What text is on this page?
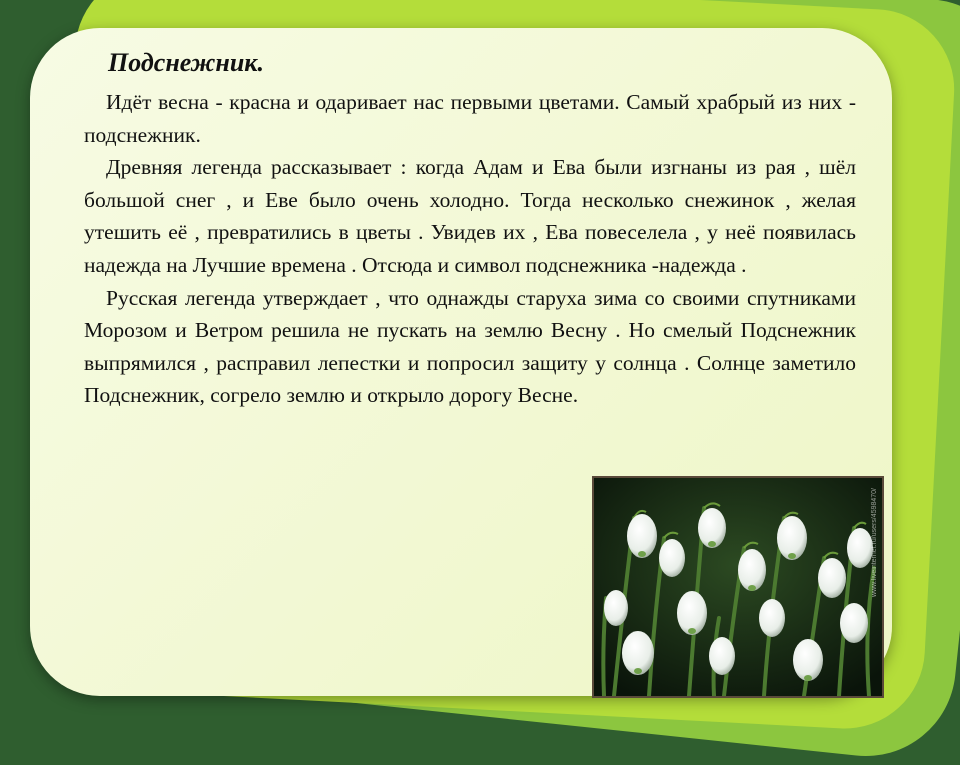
Подснежник.

Идёт весна - красна и одаривает нас первыми цветами. Самый храбрый из них - подснежник.

Древняя легенда рассказывает : когда Адам и Ева были изгнаны из рая , шёл большой снег , и Еве было очень холодно. Тогда несколько снежинок , желая утешить её , превратились в цветы . Увидев их , Ева повеселела , у неё появилась надежда на Лучшие времена . Отсюда и символ подснежника -надежда .

Русская легенда утверждает , что однажды старуха зима со своими спутниками Морозом и Ветром решила не пускать на землю Весну . Но смелый Подснежник выпрямился , расправил лепестки и попросил защиту у солнца . Солнце заметило Подснежник, согрело землю и открыло дорогу Весне.

www.liveinternet.ru/users/4598470/
